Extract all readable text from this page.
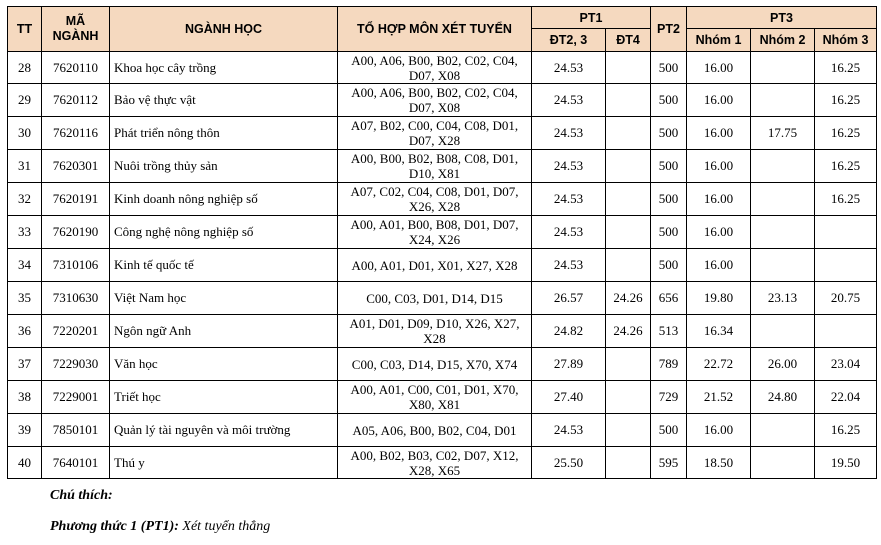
TT	MÃ NGÀNH	NGÀNH HỌC	TỔ HỢP MÔN XÉT TUYỂN	PT1		PT2	PT3		
				ĐT2, 3	ĐT4		Nhóm 1	Nhóm 2	Nhóm 3
28	7620110	Khoa học cây trồng	A00, A06, B00, B02, C02, C04, D07, X08	24.53		500	16.00		16.25
29	7620112	Bảo vệ thực vật	A00, A06, B00, B02, C02, C04, D07, X08	24.53		500	16.00		16.25
30	7620116	Phát triển nông thôn	A07, B02, C00, C04, C08, D01, D07, X28	24.53		500	16.00	17.75	16.25
31	7620301	Nuôi trồng thủy sản	A00, B00, B02, B08, C08, D01, D10, X81	24.53		500	16.00		16.25
32	7620191	Kinh doanh nông nghiệp số	A07, C02, C04, C08, D01, D07, X26, X28	24.53		500	16.00		16.25
33	7620190	Công nghệ nông nghiệp số	A00, A01, B00, B08, D01, D07, X24, X26	24.53		500	16.00		
34	7310106	Kinh tế quốc tế	A00, A01, D01, X01, X27, X28	24.53		500	16.00		
35	7310630	Việt Nam học	C00, C03, D01, D14, D15	26.57	24.26	656	19.80	23.13	20.75
36	7220201	Ngôn ngữ Anh	A01, D01, D09, D10, X26, X27, X28	24.82	24.26	513	16.34		
37	7229030	Văn học	C00, C03, D14, D15, X70, X74	27.89		789	22.72	26.00	23.04
38	7229001	Triết học	A00, A01, C00, C01, D01, X70, X80, X81	27.40		729	21.52	24.80	22.04
39	7850101	Quản lý tài nguyên và môi trường	A05, A06, B00, B02, C04, D01	24.53		500	16.00		16.25
40	7640101	Thú y	A00, B02, B03, C02, D07, X12, X28, X65	25.50		595	18.50		19.50
Chú thích:
Phương thức 1 (PT1): Xét tuyển thẳng
